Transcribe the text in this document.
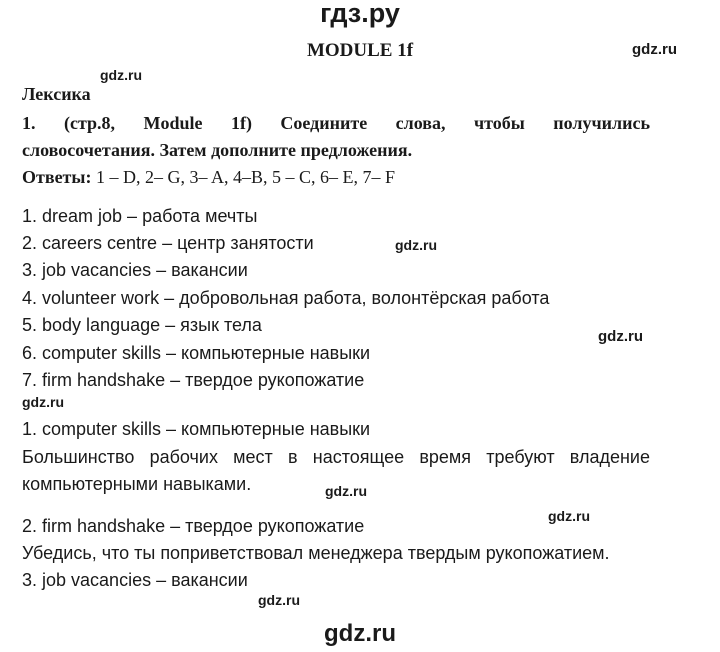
гдз.ру
MODULE 1f	gdz.ru
gdz.ru
Лексика
1. (стр.8, Module 1f) Соедините слова, чтобы получились
словосочетания. Затем дополните предложения.
Ответы: 1 – D, 2– G, 3– A, 4–B, 5 – C, 6– E, 7– F
1. dream job – работа мечты
2. careers centre – центр занятости	gdz.ru
3. job vacancies – вакансии
4. volunteer work – добровольная работа, волонтёрская работа
5. body language – язык тела
gdz.ru
6. computer skills – компьютерные навыки
7. firm handshake – твердое рукопожатие
gdz.ru
1. computer skills – компьютерные навыки
Большинство рабочих мест в настоящее время требуют владение
компьютерными навыками.	gdz.ru
gdz.ru
2. firm handshake – твердое рукопожатие
Убедись, что ты поприветствовал менеджера твердым рукопожатием.
3. job vacancies – вакансии
gdz.ru
gdz.ru
